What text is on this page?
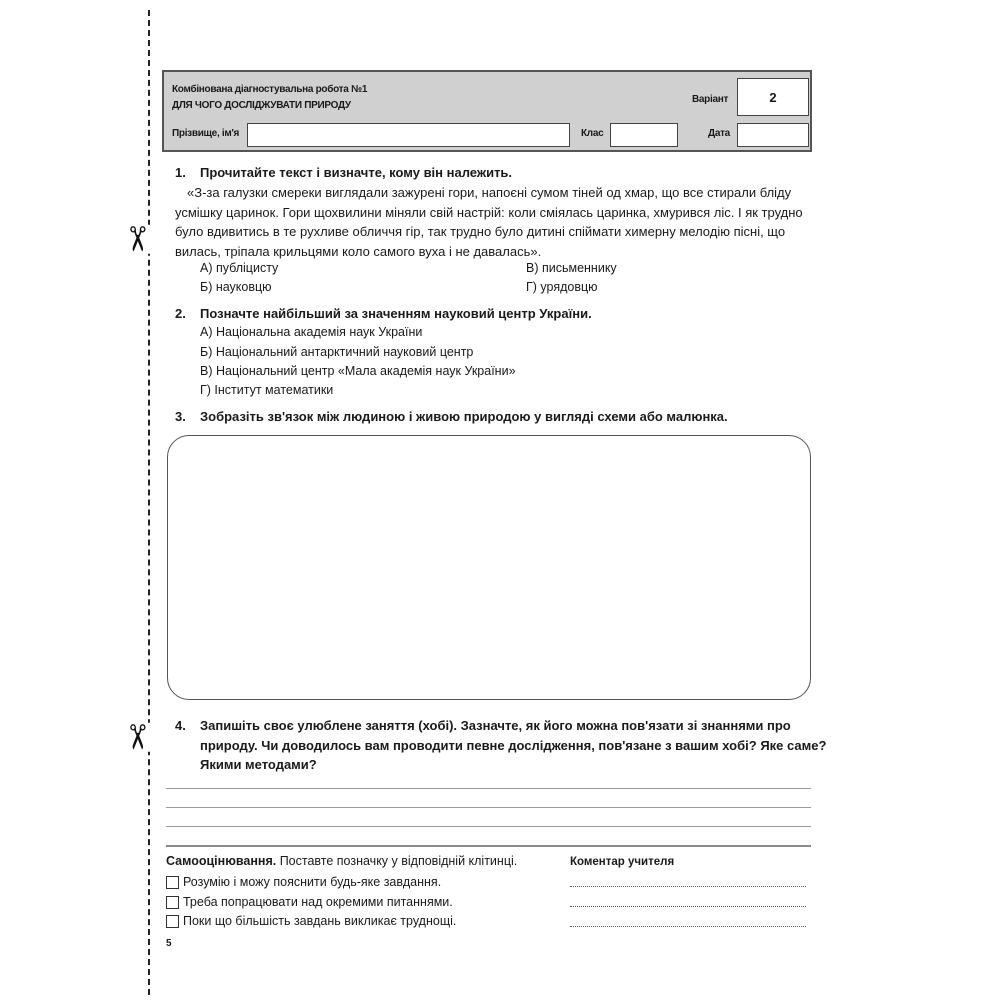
✂
✂
Комбінована діагностувальна робота №1
ДЛЯ ЧОГО ДОСЛІДЖУВАТИ ПРИРОДУ
Варіант	2
Прізвище, ім'я	Клас	Дата
1. Прочитайте текст і визначте, кому він належить.
«З-за галузки смереки виглядали зажурені гори, напоєні сумом тіней од хмар, що все стирали бліду
усмішку царинок. Гори щохвилини міняли свій настрій: коли сміялась царинка, хмурився ліс. І як трудно
було вдивитись в те рухливе обличчя гір, так трудно було дитині спіймати химерну мелодію пісні, що
вилась, тріпала крильцями коло самого вуха і не давалась».
А) публіцисту
Б) науковцю
В) письменнику
Г) урядовцю
2. Позначте найбільший за значенням науковий центр України.
А) Національна академія наук України
Б) Національний антарктичний науковий центр
В) Національний центр «Мала академія наук України»
Г) Інститут математики
3. Зобразіть зв'язок між людиною і живою природою у вигляді схеми або малюнка.
4. Запишіть своє улюблене заняття (хобі). Зазначте, як його можна пов'язати зі знаннями про
природу. Чи доводилось вам проводити певне дослідження, пов'язане з вашим хобі? Яке саме?
Якими методами?
Самооцінювання. Поставте позначку у відповідній клітинці.
Розумію і можу пояснити будь-яке завдання.
Треба попрацювати над окремими питаннями.
Поки що більшість завдань викликає труднощі.
Коментар учителя
5
